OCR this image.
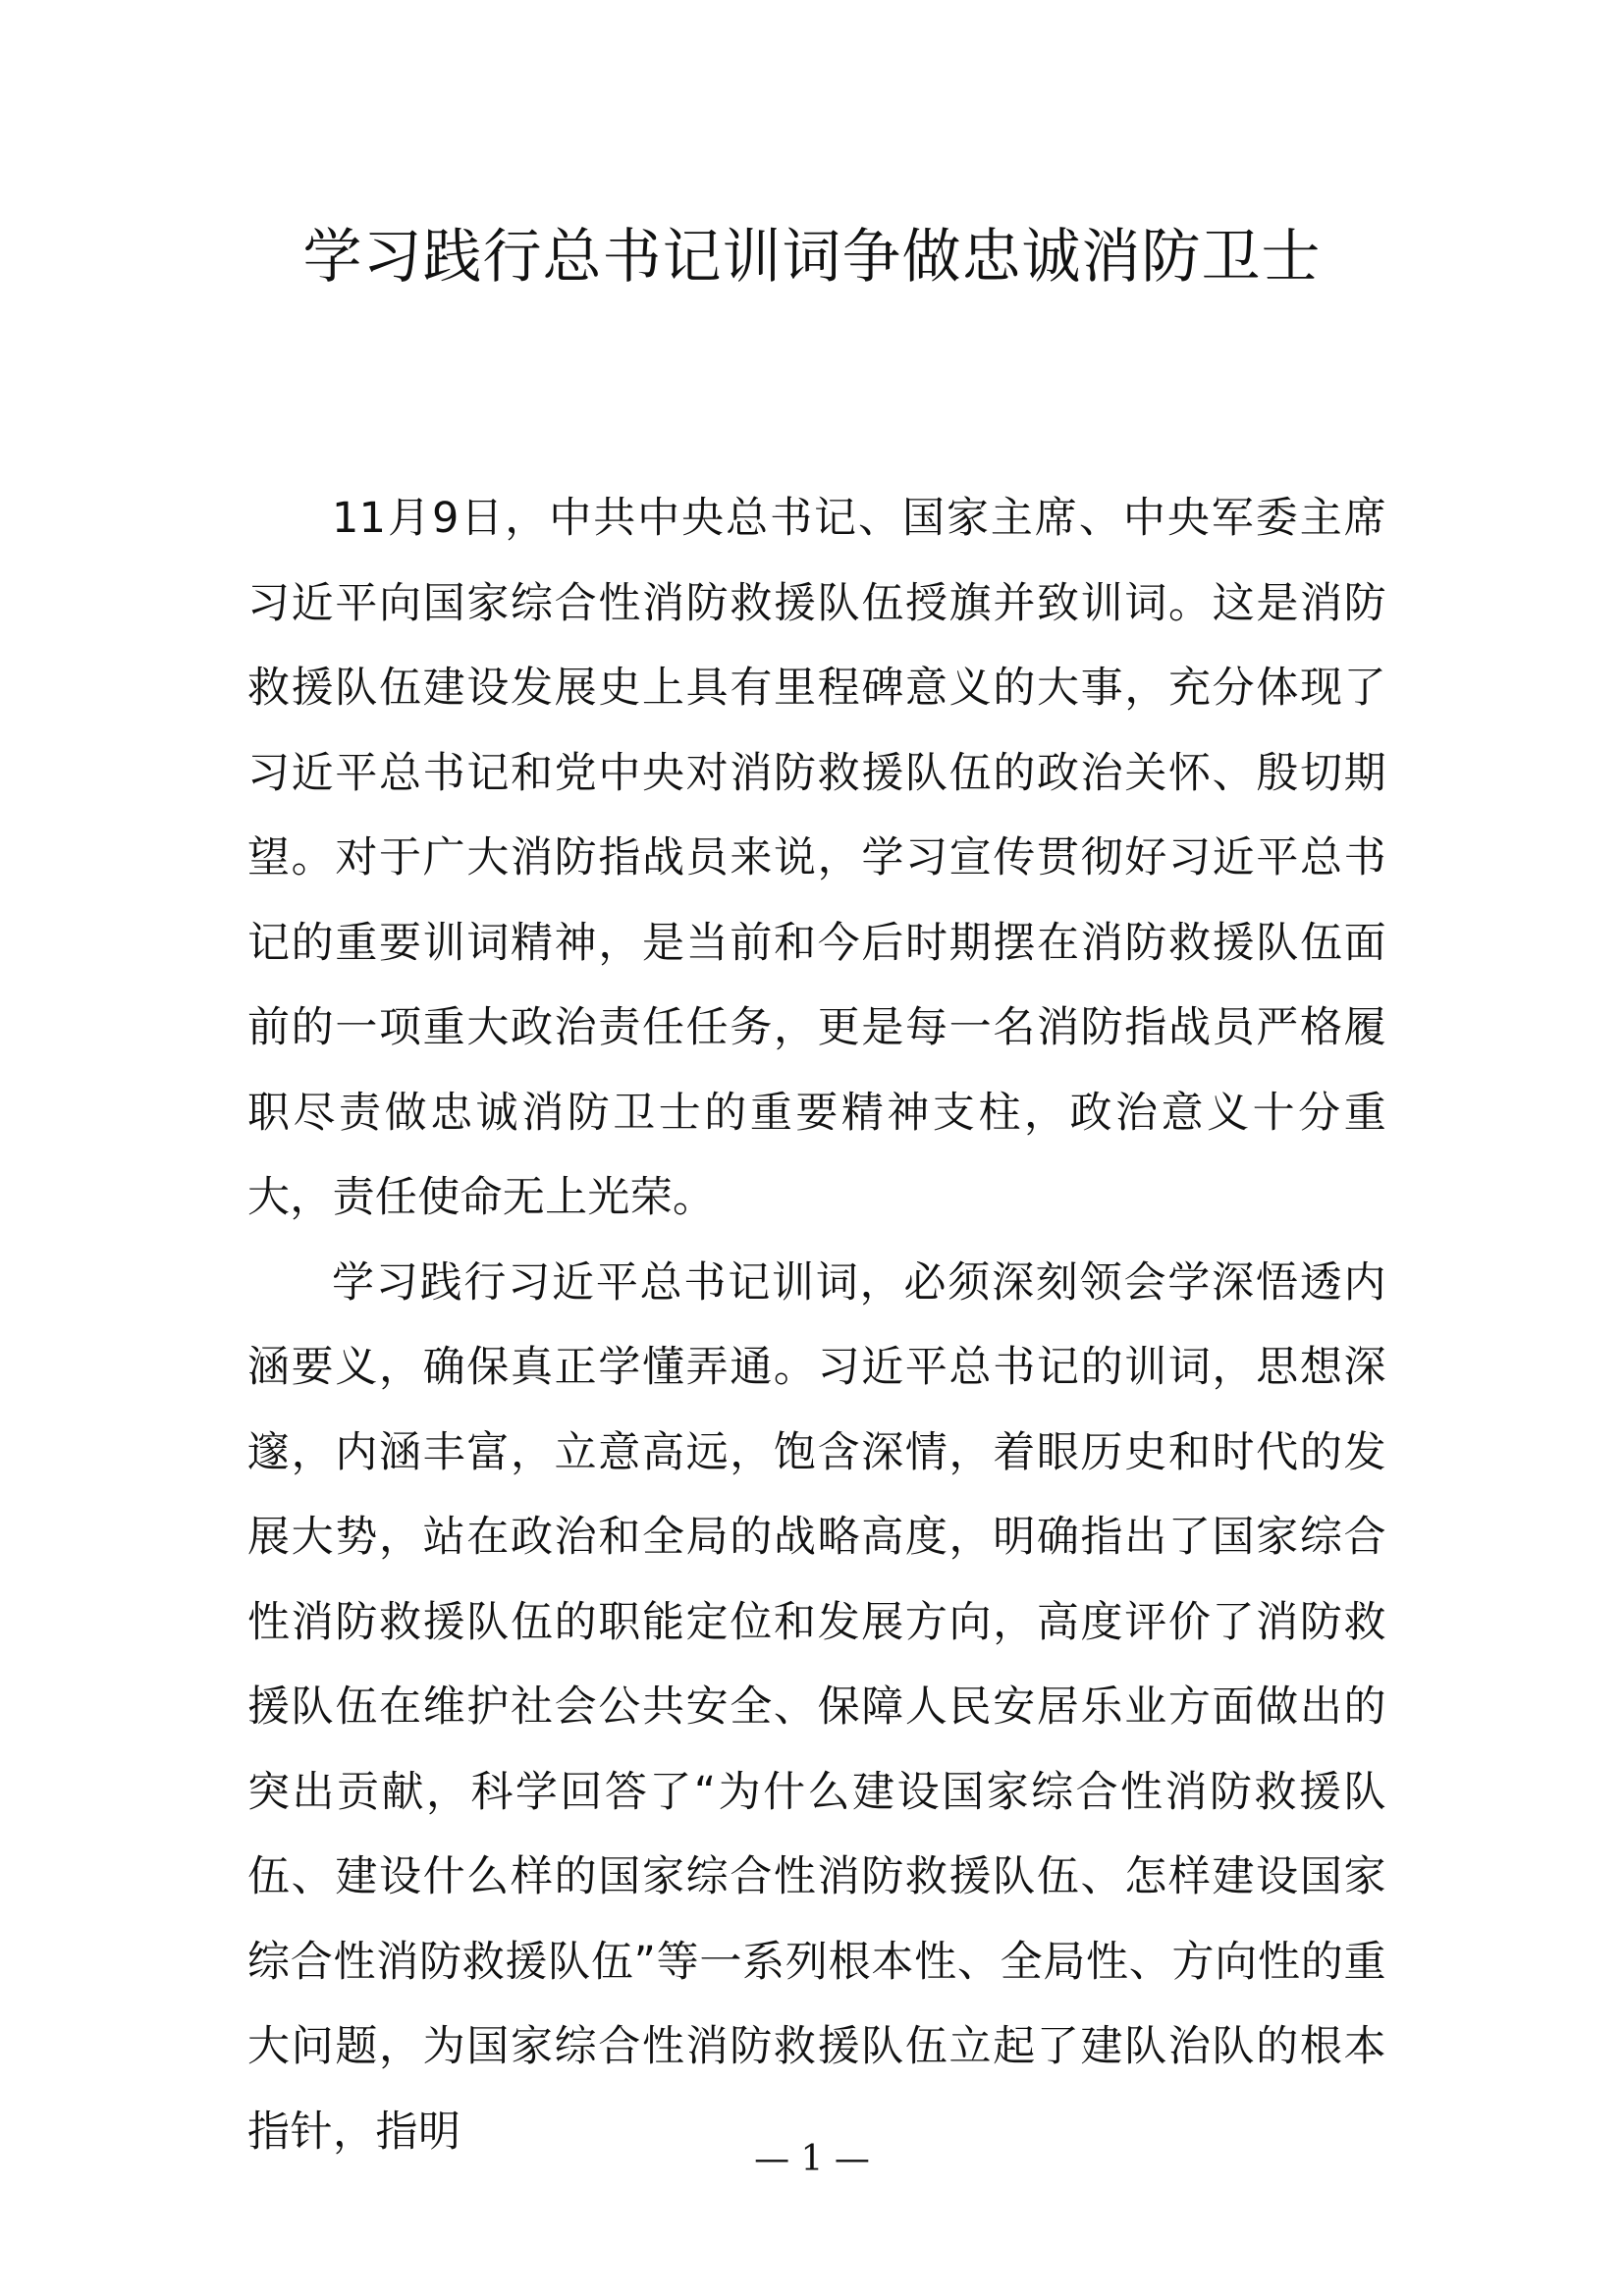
学习践行总书记训词争做忠诚消防卫士

11月9日，中共中央总书记、国家主席、中央军委主席习近平向国家综合性消防救援队伍授旗并致训词。这是消防救援队伍建设发展史上具有里程碑意义的大事，充分体现了习近平总书记和党中央对消防救援队伍的政治关怀、殷切期望。对于广大消防指战员来说，学习宣传贯彻好习近平总书记的重要训词精神，是当前和今后时期摆在消防救援队伍面前的一项重大政治责任任务，更是每一名消防指战员严格履职尽责做忠诚消防卫士的重要精神支柱，政治意义十分重大，责任使命无上光荣。

学习践行习近平总书记训词，必须深刻领会学深悟透内涵要义，确保真正学懂弄通。习近平总书记的训词，思想深邃，内涵丰富，立意高远，饱含深情，着眼历史和时代的发展大势，站在政治和全局的战略高度，明确指出了国家综合性消防救援队伍的职能定位和发展方向，高度评价了消防救援队伍在维护社会公共安全、保障人民安居乐业方面做出的突出贡献，科学回答了“为什么建设国家综合性消防救援队伍、建设什么样的国家综合性消防救援队伍、怎样建设国家综合性消防救援队伍”等一系列根本性、全局性、方向性的重大问题，为国家综合性消防救援队伍立起了建队治队的根本指针，指明

— 1 —
